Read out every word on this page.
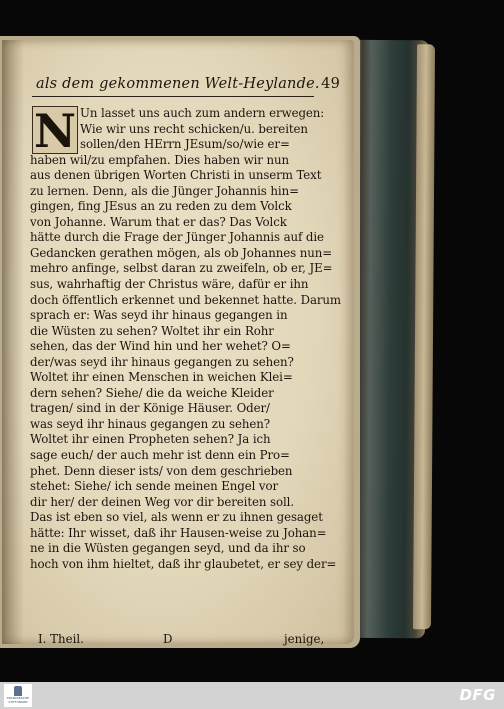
als dem gekommenen Welt-Heylande. 49
N Un lasset uns auch zum andern erwegen:
Wie wir uns recht schicken/u. bereiten
sollen/den HErrn JEsum/so/wie er=
haben wil/zu empfahen. Dies haben wir nun
aus denen übrigen Worten Christi in unserm Text
zu lernen. Denn, als die Jünger Johannis hin=
gingen, fing JEsus an zu reden zu dem Volck
von Johanne. Warum that er das? Das Volck
hätte durch die Frage der Jünger Johannis auf die
Gedancken gerathen mögen, als ob Johannes nun=
mehro anfinge, selbst daran zu zweifeln, ob er, JE=
sus, wahrhaftig der Christus wäre, dafür er ihn
doch öffentlich erkennet und bekennet hatte. Darum
sprach er: Was seyd ihr hinaus gegangen in
die Wüsten zu sehen? Woltet ihr ein Rohr
sehen, das der Wind hin und her wehet? O=
der/was seyd ihr hinaus gegangen zu sehen?
Woltet ihr einen Menschen in weichen Klei=
dern sehen? Siehe/ die da weiche Kleider
tragen/ sind in der Könige Häuser. Oder/
was seyd ihr hinaus gegangen zu sehen?
Woltet ihr einen Propheten sehen? Ja ich
sage euch/ der auch mehr ist denn ein Pro=
phet. Denn dieser ists/ von dem geschrieben
stehet: Siehe/ ich sende meinen Engel vor
dir her/ der deinen Weg vor dir bereiten soll.
Das ist eben so viel, als wenn er zu ihnen gesaget
hätte: Ihr wisset, daß ihr Hausen-weise zu Johan=
ne in die Wüsten gegangen seyd, und da ihr so
hoch von ihm hieltet, daß ihr glaubetet, er sey der=
I. Theil.	D	jenige,
FRANCKESCHE STIFTUNGEN	DFG
